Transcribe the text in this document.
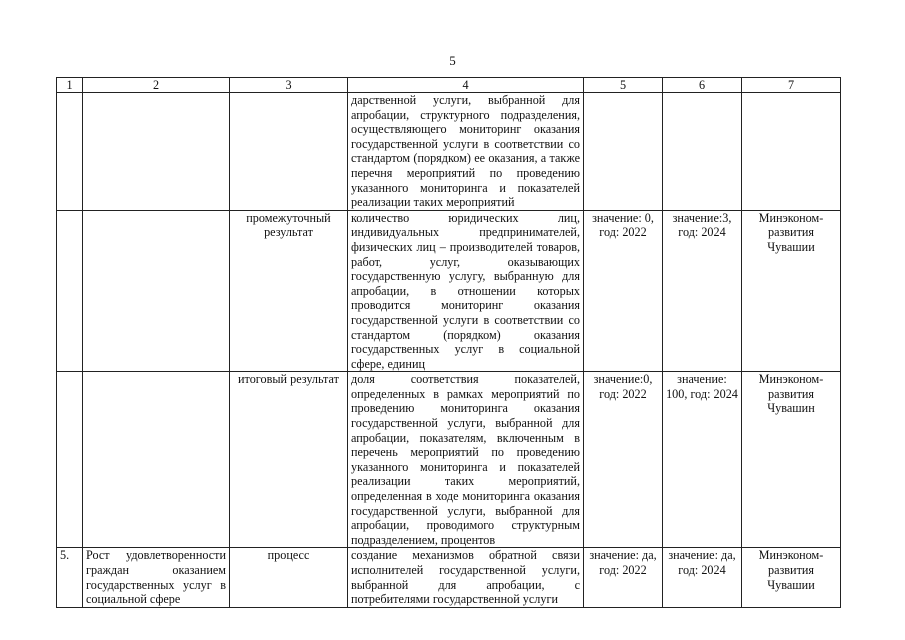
5
1	2	3	4	5	6	7
			дарственной услуги, выбранной для апробации, структурного подразделения, осуществляющего мониторинг оказания государственной услуги в соответствии со стандартом (порядком) ее оказания, а также перечня мероприятий по проведению указанного мониторинга и показателей реализации таких мероприятий			
		промежуточный результат	количество юридических лиц, индивидуальных предпринимателей, физических лиц – производителей товаров, работ, услуг, оказывающих государственную услугу, выбранную для апробации, в отношении которых проводится мониторинг оказания государственной услуги в соответствии со стандартом (порядком) оказания государственных услуг в социальной сфере, единиц	значение: 0, год: 2022	значение:3, год: 2024	Минэконом-развития Чувашии
		итоговый результат	доля соответствия показателей, определенных в рамках мероприятий по проведению мониторинга оказания государственной услуги, выбранной для апробации, показателям, включенным в перечень мероприятий по проведению указанного мониторинга и показателей реализации таких мероприятий, определенная в ходе мониторинга оказания государственной услуги, выбранной для апробации, проводимого структурным подразделением, процентов	значение:0, год: 2022	значение: 100, год: 2024	Минэконом-развития Чувашин
5.	Рост удовлетворенности граждан оказанием государственных услуг в социальной сфере	процесс	создание механизмов обратной связи исполнителей государственной услуги, выбранной для апробации, с потребителями государственной услуги	значение: да, год: 2022	значение: да, год: 2024	Минэконом-развития Чувашии
